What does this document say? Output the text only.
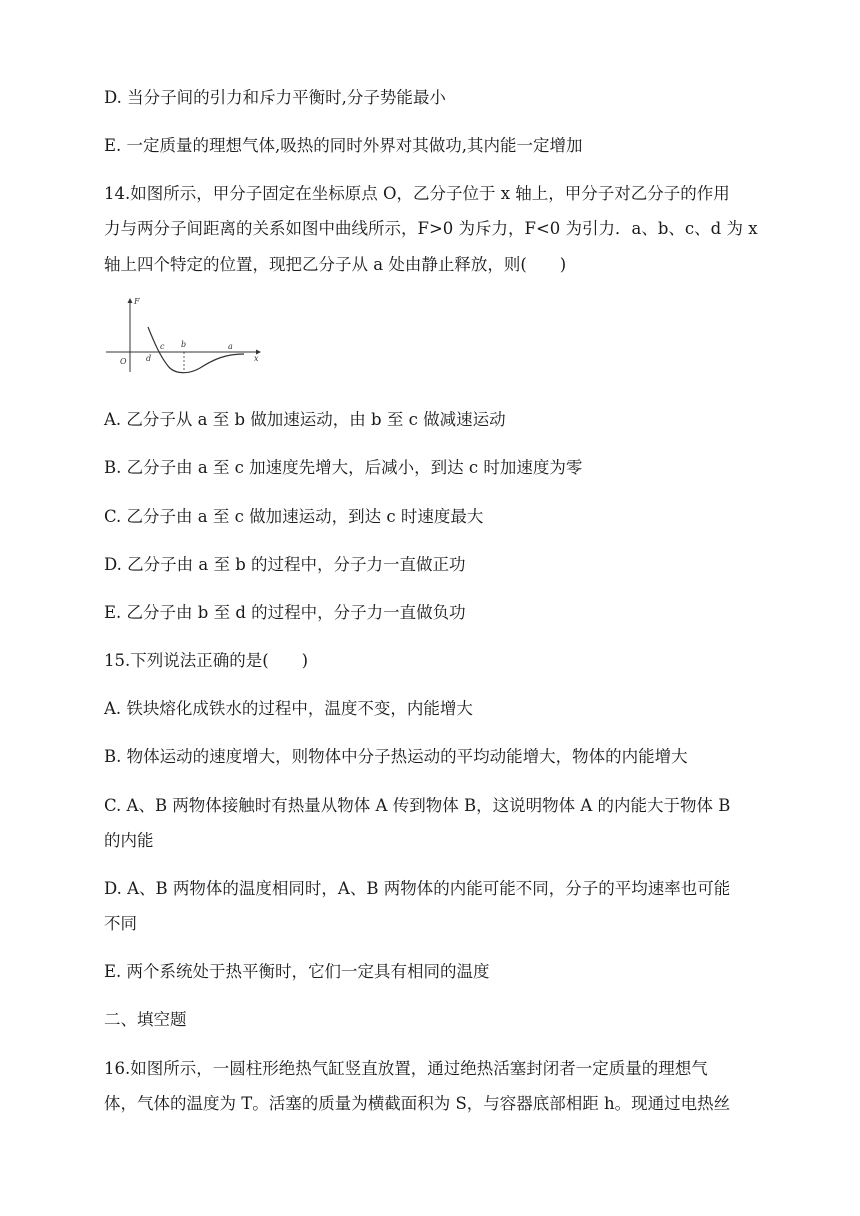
D. 当分子间的引力和斥力平衡时,分子势能最小
E. 一定质量的理想气体,吸热的同时外界对其做功,其内能一定增加
14.如图所示，甲分子固定在坐标原点 O，乙分子位于 x 轴上，甲分子对乙分子的作用
力与两分子间距离的关系如图中曲线所示，F>0 为斥力，F<0 为引力．a、b、c、d 为 x
轴上四个特定的位置，现把乙分子从 a 处由静止释放，则(　　)
F
x
O d
c b	a
A. 乙分子从 a 至 b 做加速运动，由 b 至 c 做减速运动
B. 乙分子由 a 至 c 加速度先增大，后减小，到达 c 时加速度为零
C. 乙分子由 a 至 c 做加速运动，到达 c 时速度最大
D. 乙分子由 a 至 b 的过程中，分子力一直做正功
E. 乙分子由 b 至 d 的过程中，分子力一直做负功
15.下列说法正确的是(　　)
A. 铁块熔化成铁水的过程中，温度不变，内能增大
B. 物体运动的速度增大，则物体中分子热运动的平均动能增大，物体的内能增大
C. A、B 两物体接触时有热量从物体 A 传到物体 B，这说明物体 A 的内能大于物体 B
的内能
D. A、B 两物体的温度相同时，A、B 两物体的内能可能不同，分子的平均速率也可能
不同
E. 两个系统处于热平衡时，它们一定具有相同的温度
二、填空题
16.如图所示，一圆柱形绝热气缸竖直放置，通过绝热活塞封闭者一定质量的理想气
体，气体的温度为 T。活塞的质量为横截面积为 S，与容器底部相距 h。现通过电热丝
